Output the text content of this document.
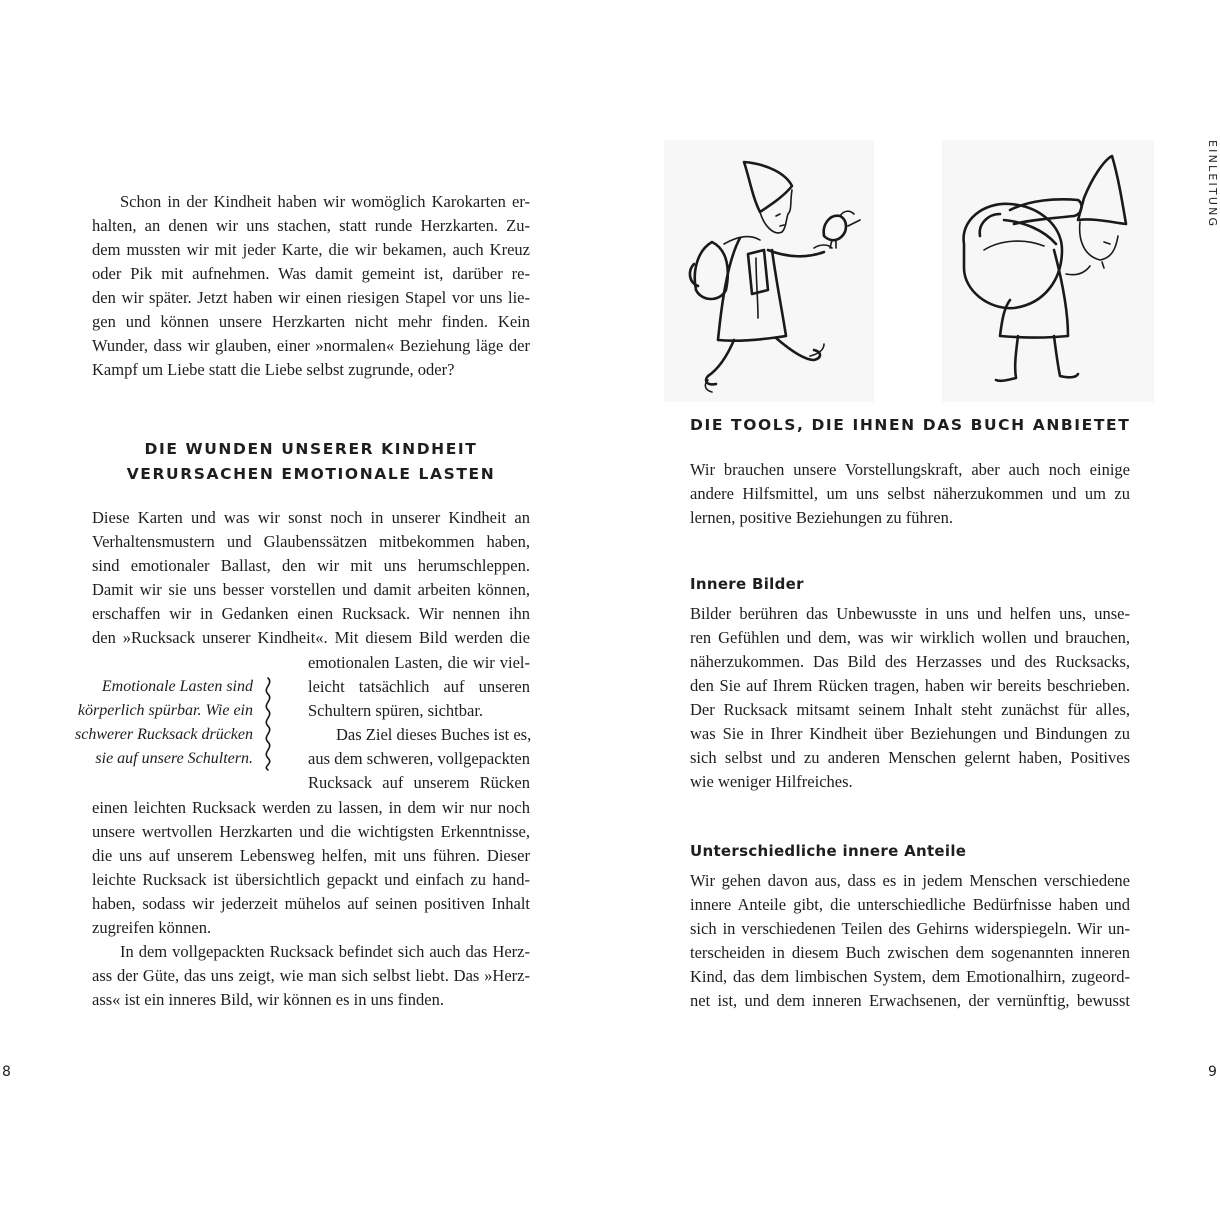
Schon in der Kindheit haben wir womöglich Karokarten er-
halten, an denen wir uns stachen, statt runde Herzkarten. Zu-
dem mussten wir mit jeder Karte, die wir bekamen, auch Kreuz
oder Pik mit aufnehmen. Was damit gemeint ist, darüber re-
den wir später. Jetzt haben wir einen riesigen Stapel vor uns lie-
gen und können unsere Herzkarten nicht mehr finden. Kein
Wunder, dass wir glauben, einer »normalen« Beziehung läge der
Kampf um Liebe statt die Liebe selbst zugrunde, oder?
DIE WUNDEN UNSERER KINDHEIT
VERURSACHEN EMOTIONALE LASTEN
Diese Karten und was wir sonst noch in unserer Kindheit an
Verhaltensmustern und Glaubenssätzen mitbekommen haben,
sind emotionaler Ballast, den wir mit uns herumschleppen.
Damit wir sie uns besser vorstellen und damit arbeiten können,
erschaffen wir in Gedanken einen Rucksack. Wir nennen ihn
den »Rucksack unserer Kindheit«. Mit diesem Bild werden die
emotionalen Lasten, die wir viel-
leicht tatsächlich auf unseren
Schultern spüren, sichtbar.
Das Ziel dieses Buches ist es,
aus dem schweren, vollgepackten
Rucksack auf unserem Rücken
Emotionale Lasten sind
körperlich spürbar. Wie ein
schwerer Rucksack drücken
sie auf unsere Schultern.
einen leichten Rucksack werden zu lassen, in dem wir nur noch
unsere wertvollen Herzkarten und die wichtigsten Erkenntnisse,
die uns auf unserem Lebensweg helfen, mit uns führen. Dieser
leichte Rucksack ist übersichtlich gepackt und einfach zu hand-
haben, sodass wir jederzeit mühelos auf seinen positiven Inhalt
zugreifen können.
In dem vollgepackten Rucksack befindet sich auch das Herz-
ass der Güte, das uns zeigt, wie man sich selbst liebt. Das »Herz-
ass« ist ein inneres Bild, wir können es in uns finden.
8
EINLEITUNG
DIE TOOLS, DIE IHNEN DAS BUCH ANBIETET
Wir brauchen unsere Vorstellungskraft, aber auch noch einige
andere Hilfsmittel, um uns selbst näherzukommen und um zu
lernen, positive Beziehungen zu führen.
Innere Bilder
Bilder berühren das Unbewusste in uns und helfen uns, unse-
ren Gefühlen und dem, was wir wirklich wollen und brauchen,
näherzukommen. Das Bild des Herzasses und des Rucksacks,
den Sie auf Ihrem Rücken tragen, haben wir bereits beschrieben.
Der Rucksack mitsamt seinem Inhalt steht zunächst für alles,
was Sie in Ihrer Kindheit über Beziehungen und Bindungen zu
sich selbst und zu anderen Menschen gelernt haben, Positives
wie weniger Hilfreiches.
Unterschiedliche innere Anteile
Wir gehen davon aus, dass es in jedem Menschen verschiedene
innere Anteile gibt, die unterschiedliche Bedürfnisse haben und
sich in verschiedenen Teilen des Gehirns widerspiegeln. Wir un-
terscheiden in diesem Buch zwischen dem sogenannten inneren
Kind, das dem limbischen System, dem Emotionalhirn, zugeord-
net ist, und dem inneren Erwachsenen, der vernünftig, bewusst
9
